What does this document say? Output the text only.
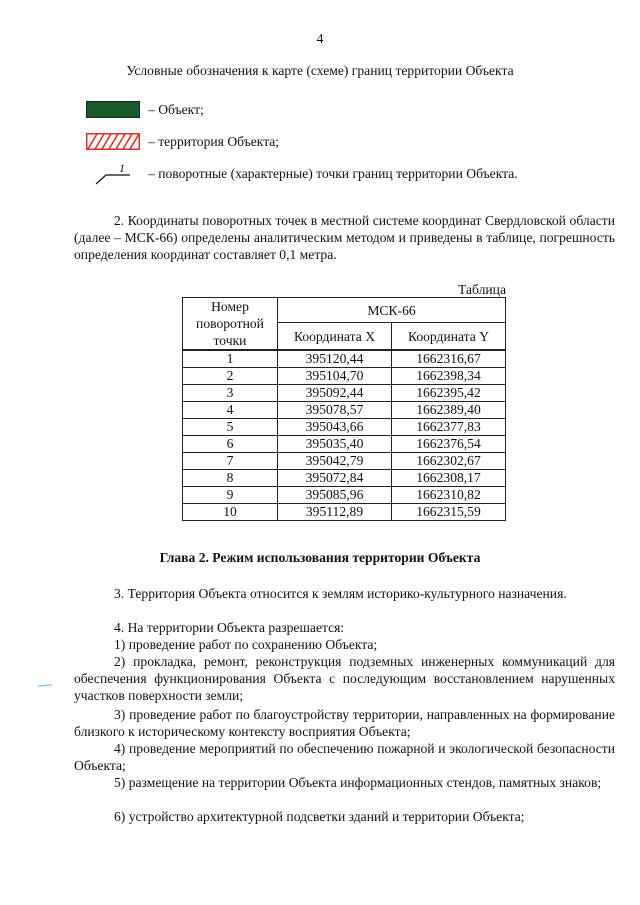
4
Условные обозначения к карте (схеме) границ территории Объекта
– Объект;
– территория Объекта;
1 – поворотные (характерные) точки границ территории Объекта.
2. Координаты поворотных точек в местной системе координат Свердловской области (далее – МСК-66) определены аналитическим методом и приведены в таблице, погрешность определения координат составляет 0,1 метра.
Таблица
Номер поворотной точки	МСК-66	
	Координата X	Координата Y
1	395120,44	1662316,67
2	395104,70	1662398,34
3	395092,44	1662395,42
4	395078,57	1662389,40
5	395043,66	1662377,83
6	395035,40	1662376,54
7	395042,79	1662302,67
8	395072,84	1662308,17
9	395085,96	1662310,82
10	395112,89	1662315,59
Глава 2. Режим использования территории Объекта
3. Территория Объекта относится к землям историко-культурного назначения.
4. На территории Объекта разрешается:
1) проведение работ по сохранению Объекта;
2) прокладка, ремонт, реконструкция подземных инженерных коммуникаций для обеспечения функционирования Объекта с последующим восстановлением нарушенных участков поверхности земли;
3) проведение работ по благоустройству территории, направленных на формирование близкого к историческому контексту восприятия Объекта;
4) проведение мероприятий по обеспечению пожарной и экологической безопасности Объекта;
5) размещение на территории Объекта информационных стендов, памятных знаков;
6) устройство архитектурной подсветки зданий и территории Объекта;
